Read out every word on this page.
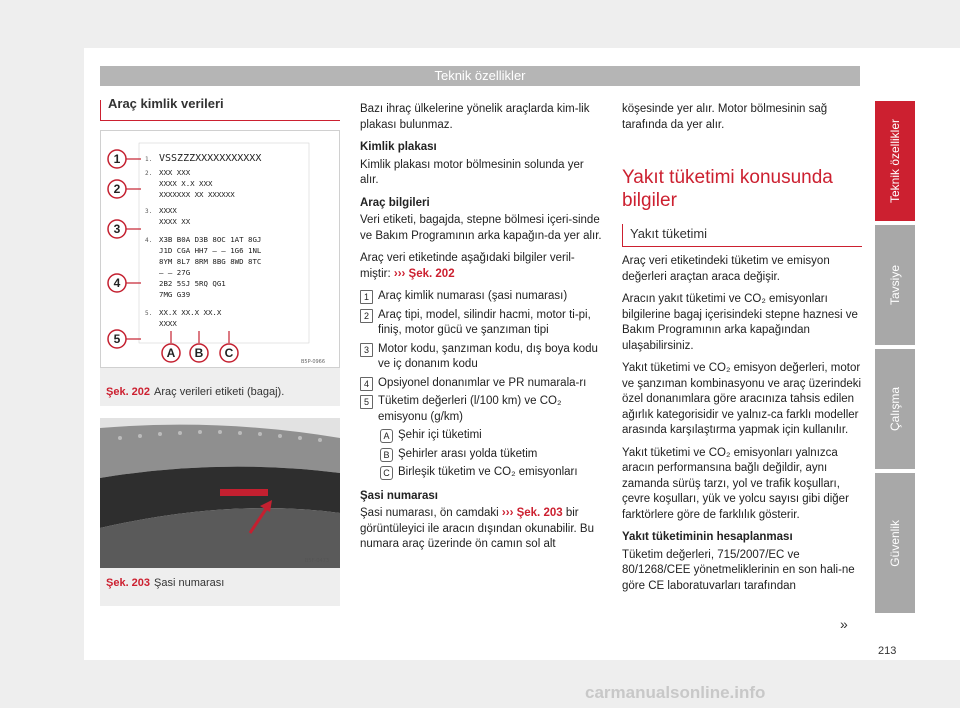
Teknik özellikler
Teknik özellikler
Tavsiye
Çalışma
Güvenlik
Araç kimlik verileri
1. VSSZZZXXXXXXXXXXX
2. XXX XXX
XXXX X.X XXX
XXXXXXX XX XXXXXX
3. XXXX
XXXX XX
4. X3B B0A D3B 8OC 1AT 8GJ
J1D CGA HH7 — — 1G6 1NL
8YM 8L7 8RM 8BG 8WD 8TC
— — 27G
2B2 5SJ 5RQ QG1
7MG G39
5. XX.X XX.X XX.X
XXXX
1
2
3
4
5
A B C
B5P-0966
Şek. 202 Araç verileri etiketi (bagaj).
B5F-0473
Şek. 203 Şasi numarası

Bazı ihraç ülkelerine yönelik araçlarda kim-lik plakası bulunmaz.

Kimlik plakası

Kimlik plakası motor bölmesinin solunda yer alır.

Araç bilgileri

Veri etiketi, bagajda, stepne bölmesi içeri-sinde ve Bakım Programının arka kapağın-da yer alır.

Araç veri etiketinde aşağıdaki bilgiler veril-miştir: ››› Şek. 202

1 Araç kimlik numarası (şasi numarası)
2 Araç tipi, model, silindir hacmi, motor ti-pi, finiş, motor gücü ve şanzıman tipi
3 Motor kodu, şanzıman kodu, dış boya kodu ve iç donanım kodu
4 Opsiyonel donanımlar ve PR numarala-rı
5 Tüketim değerleri (l/100 km) ve CO₂ emisyonu (g/km)
A Şehir içi tüketimi
B Şehirler arası yolda tüketim
C Birleşik tüketim ve CO₂ emisyonları

Şasi numarası

Şasi numarası, ön camdaki ››› Şek. 203 bir görüntüleyici ile aracın dışından okunabilir. Bu numara araç üzerinde ön camın sol alt

köşesinde yer alır. Motor bölmesinin sağ tarafında da yer alır.

Yakıt tüketimi konusunda bilgiler
Yakıt tüketimi

Araç veri etiketindeki tüketim ve emisyon değerleri araçtan araca değişir.

Aracın yakıt tüketimi ve CO₂ emisyonları bilgilerine bagaj içerisindeki stepne haznesi ve Bakım Programının arka kapağından ulaşabilirsiniz.

Yakıt tüketimi ve CO₂ emisyon değerleri, motor ve şanzıman kombinasyonu ve araç üzerindeki özel donanımlara göre aracınıza tahsis edilen ağırlık kategorisidir ve yalnız-ca farklı modeller arasında karşılaştırma yapmak için kullanılır.

Yakıt tüketimi ve CO₂ emisyonları yalnızca aracın performansına bağlı değildir, aynı zamanda sürüş tarzı, yol ve trafik koşulları, çevre koşulları, yük ve yolcu sayısı gibi diğer farktörlere göre de farklılık gösterir.

Yakıt tüketiminin hesaplanması

Tüketim değerleri, 715/2007/EC ve 80/1268/CEE yönetmeliklerinin en son hali-ne göre CE laboratuvarları tarafından

»
213
carmanualsonline.info
